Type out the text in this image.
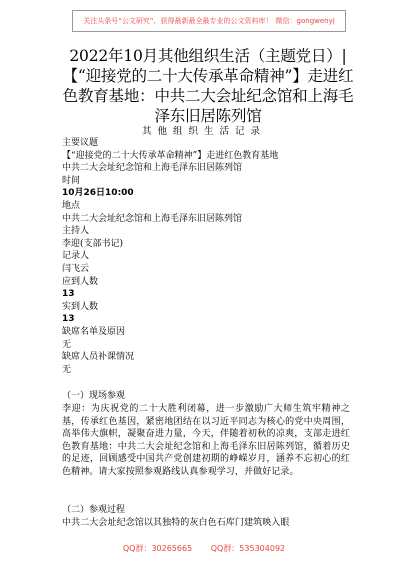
关注头条号“公文研究”，获得最新最全最专业的公文资料库！ 微信：gongwenyj
2022年10月其他组织生活（主题党日）|【“迎接党的二十大传承革命精神”】走进红色教育基地：中共二大会址纪念馆和上海毛泽东旧居陈列馆
其他组织生活记录
主要议题
【“迎接党的二十大传承革命精神”】走进红色教育基地
中共二大会址纪念馆和上海毛泽东旧居陈列馆
时间
10月26日10:00
地点
中共二大会址纪念馆和上海毛泽东旧居陈列馆
主持人
李迎(支部书记)
记录人
闫飞云
应到人数
13
实到人数
13
缺席名单及原因
无
缺席人员补课情况
无
（一）现场参观
李迎：为庆祝党的二十大胜利闭幕，进一步激励广大师生筑牢精神之基，传承红色基因，紧密地团结在以习近平同志为核心的党中央周围，高举伟大旗帜，凝聚奋进力量，今天，伴随着初秋的凉爽，支部走进红色教育基地：中共二大会址纪念馆和上海毛泽东旧居陈列馆，循着历史的足迹，回顾感受中国共产党创建初期的峥嵘岁月，涵养不忘初心的红色精神。请大家按照参观路线认真参观学习，并做好记录。
（二）参观过程
中共二大会址纪念馆以其独特的灰白色石库门建筑映入眼
QQ群：30265665 QQ群：535304092
